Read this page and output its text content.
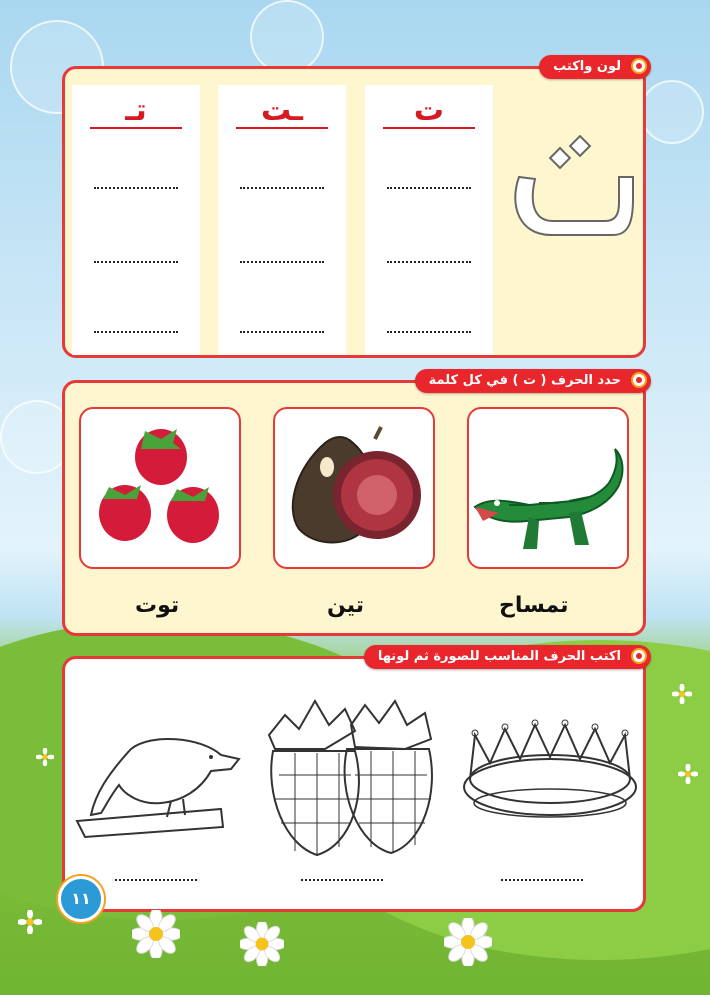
لون واكتب
ت
ـت
تـ
حدد الحرف ( ت ) في كل كلمة
تمساح
تين
توت
اكتب الحرف المناسب للصورة ثم لونها
١١
